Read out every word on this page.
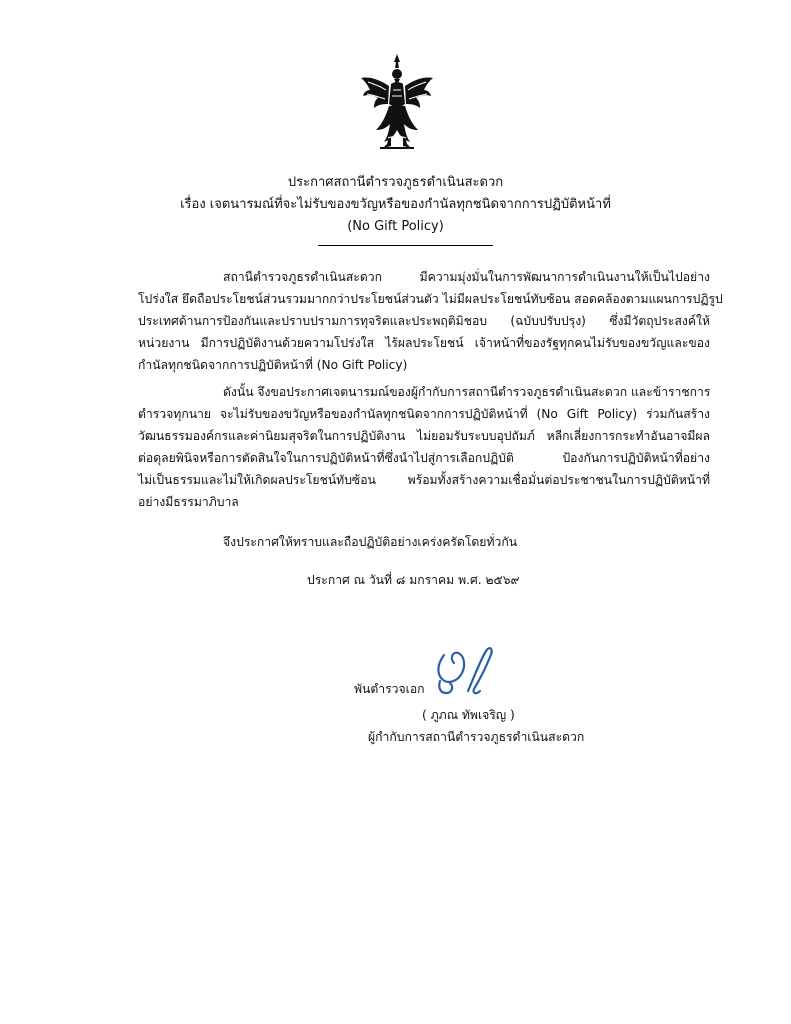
ประกาศสถานีตำรวจภูธรดำเนินสะดวก
เรื่อง เจตนารมณ์ที่จะไม่รับของขวัญหรือของกำนัลทุกชนิดจากการปฏิบัติหน้าที่
(No Gift Policy)
สถานีตำรวจภูธรดำเนินสะดวก มีความมุ่งมั่นในการพัฒนาการดำเนินงานให้เป็นไปอย่าง
โปร่งใส ยึดถือประโยชน์ส่วนรวมมากกว่าประโยชน์ส่วนตัว ไม่มีผลประโยชน์ทับซ้อน สอดคล้องตามแผนการปฏิรูป
ประเทศด้านการป้องกันและปราบปรามการทุจริตและประพฤติมิชอบ (ฉบับปรับปรุง) ซึ่งมีวัตถุประสงค์ให้
หน่วยงาน มีการปฏิบัติงานด้วยความโปร่งใส ไร้ผลประโยชน์ เจ้าหน้าที่ของรัฐทุกคนไม่รับของขวัญและของ
กำนัลทุกชนิดจากการปฏิบัติหน้าที่ (No Gift Policy)
ดังนั้น จึงขอประกาศเจตนารมณ์ของผู้กำกับการสถานีตำรวจภูธรดำเนินสะดวก และข้าราชการ
ตำรวจทุกนาย จะไม่รับของขวัญหรือของกำนัลทุกชนิดจากการปฏิบัติหน้าที่ (No Gift Policy) ร่วมกันสร้าง
วัฒนธรรมองค์กรและค่านิยมสุจริตในการปฏิบัติงาน ไม่ยอมรับระบบอุปถัมภ์ หลีกเลี่ยงการกระทำอันอาจมีผล
ต่อดุลยพินิจหรือการตัดสินใจในการปฏิบัติหน้าที่ซึ่งนำไปสู่การเลือกปฏิบัติ ป้องกันการปฏิบัติหน้าที่อย่าง
ไม่เป็นธรรมและไม่ให้เกิดผลประโยชน์ทับซ้อน พร้อมทั้งสร้างความเชื่อมั่นต่อประชาชนในการปฏิบัติหน้าที่
อย่างมีธรรมาภิบาล
จึงประกาศให้ทราบและถือปฏิบัติอย่างเคร่งครัดโดยทั่วกัน
ประกาศ ณ วันที่ ๘ มกราคม พ.ศ. ๒๕๖๙
พันตำรวจเอก
( ภูภณ ทัพเจริญ )
ผู้กำกับการสถานีตำรวจภูธรดำเนินสะดวก
